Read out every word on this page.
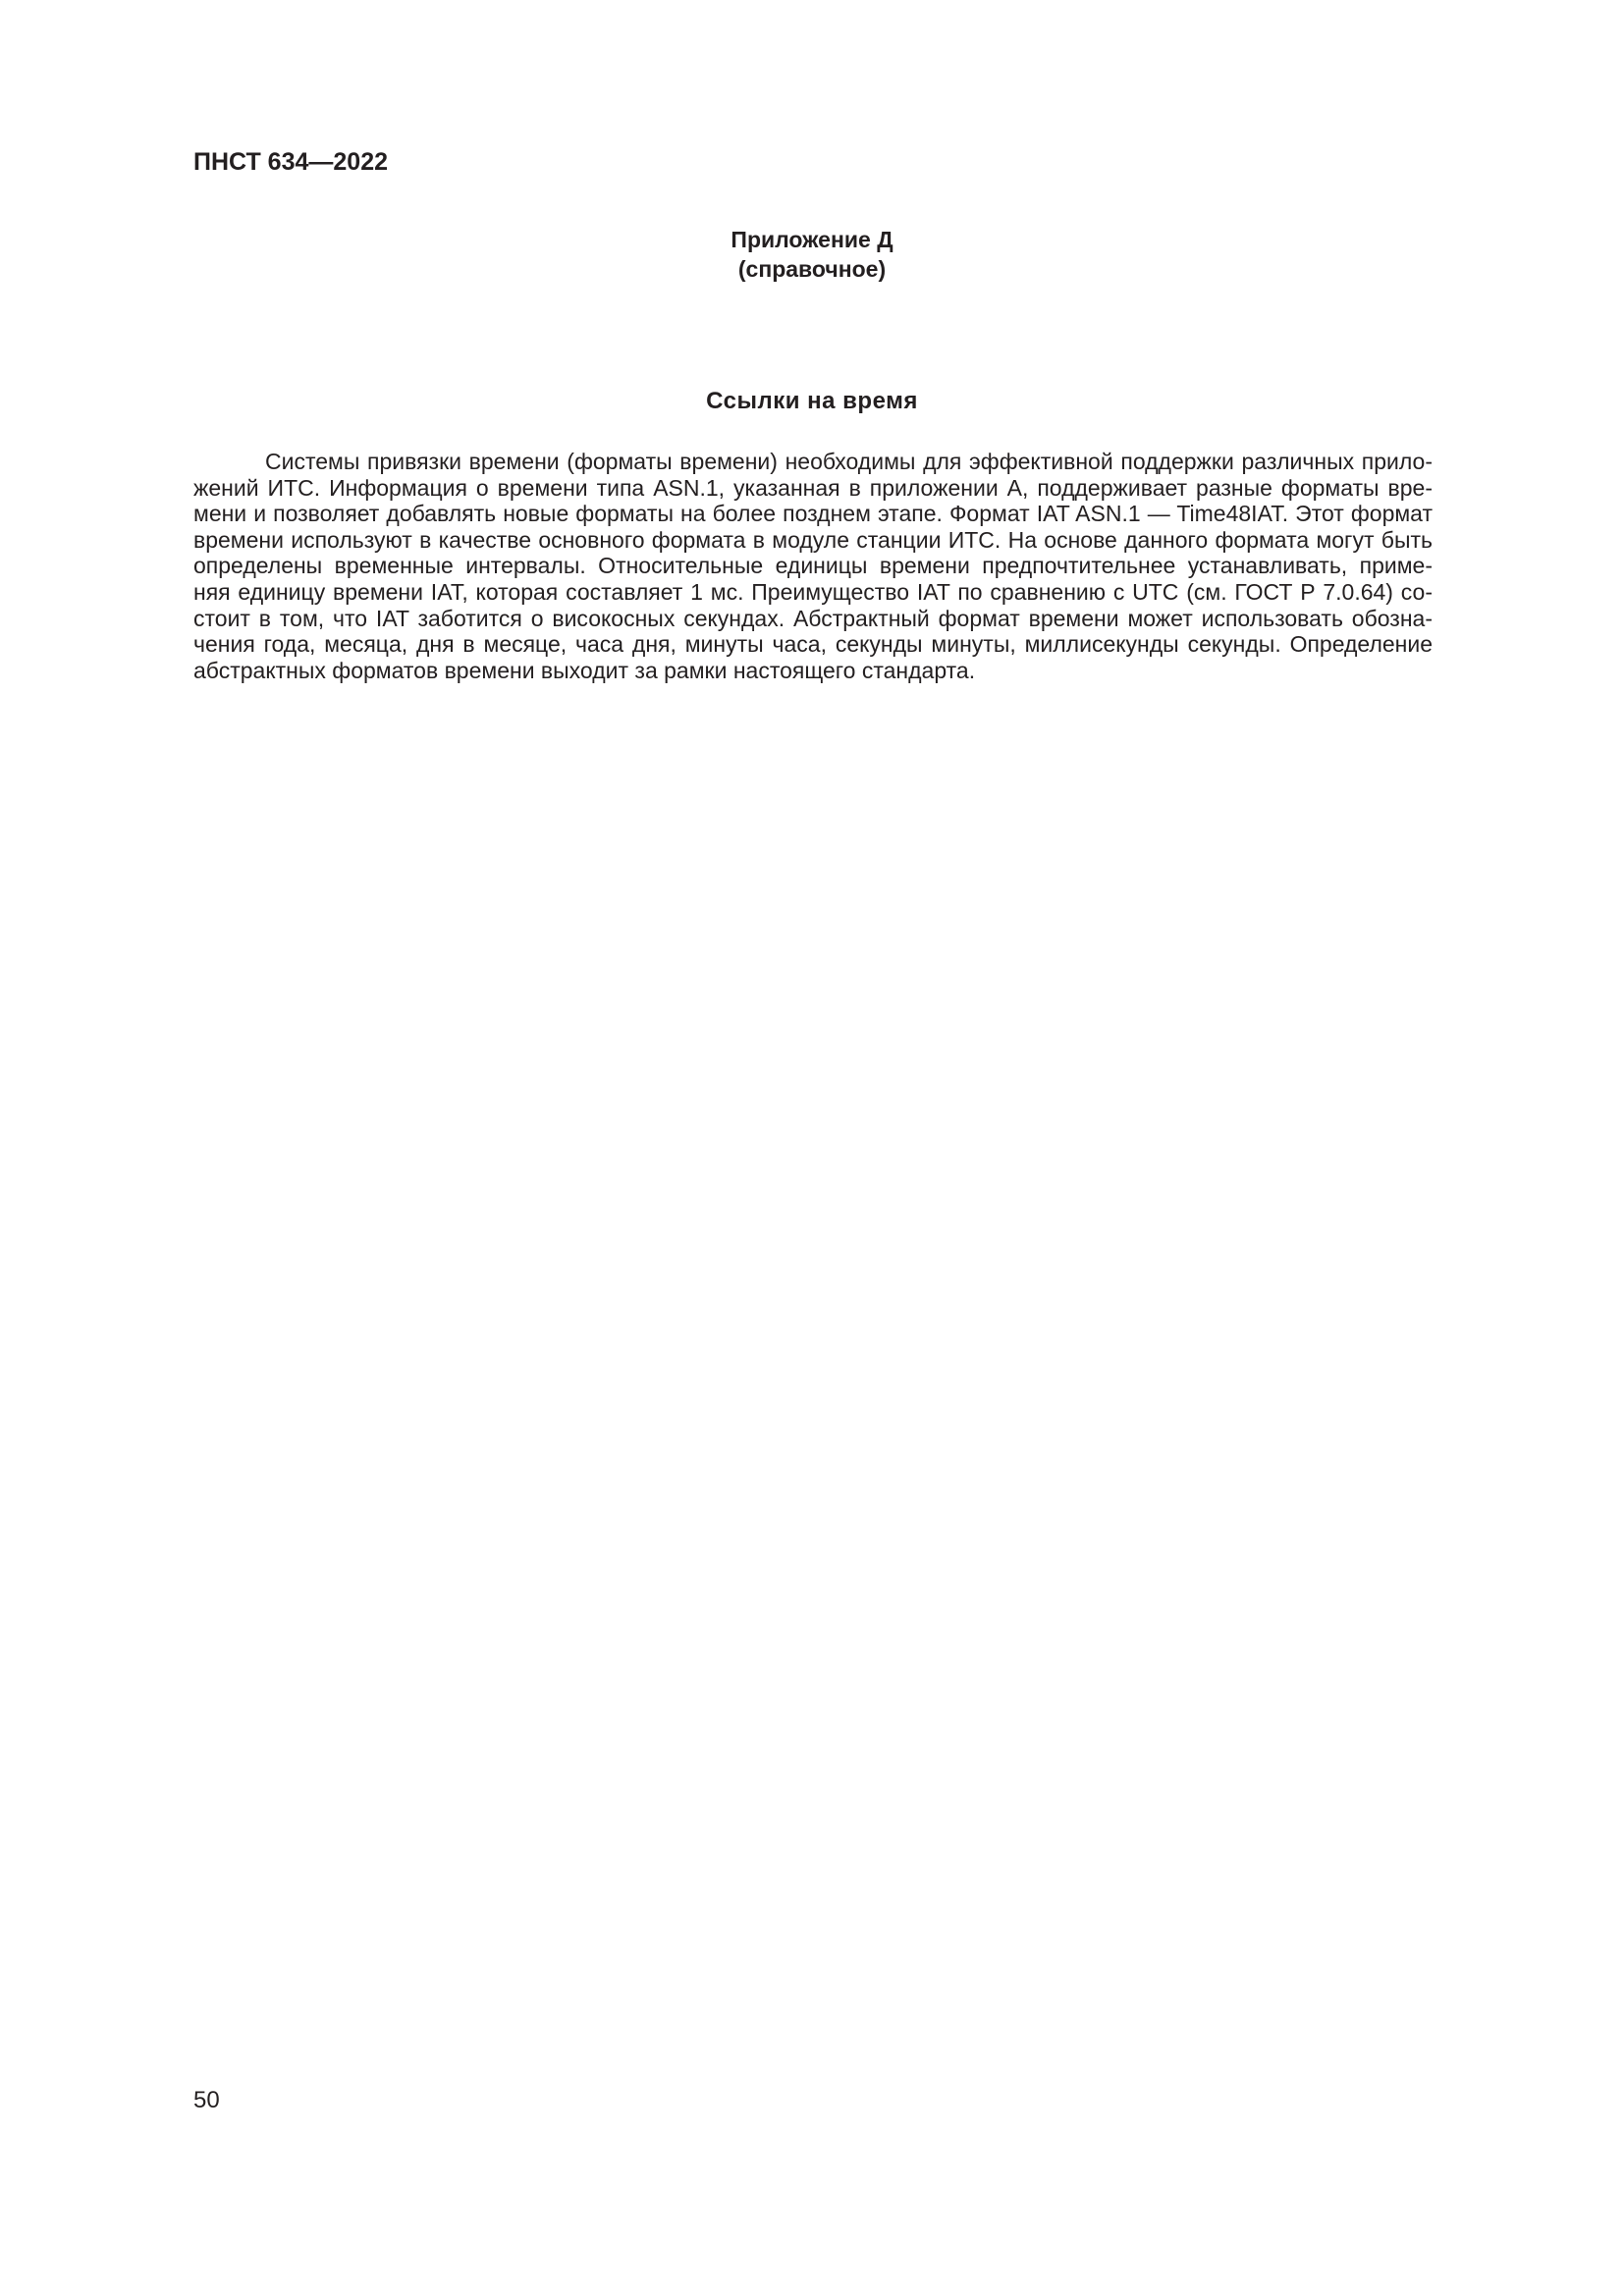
ПНСТ 634—2022
Приложение Д
(справочное)
Ссылки на время
Системы привязки времени (форматы времени) необходимы для эффективной поддержки различных прило-
жений ИТС. Информация о времени типа ASN.1, указанная в приложении А, поддерживает разные форматы вре-
мени и позволяет добавлять новые форматы на более позднем этапе. Формат IAT ASN.1 — Time48IAT. Этот формат
времени используют в качестве основного формата в модуле станции ИТС. На основе данного формата могут быть
определены временные интервалы. Относительные единицы времени предпочтительнее устанавливать, приме-
няя единицу времени IAT, которая составляет 1 мс. Преимущество IAT по сравнению с UTC (см. ГОСТ Р 7.0.64) со-
стоит в том, что IAT заботится о високосных секундах. Абстрактный формат времени может использовать обозна-
чения года, месяца, дня в месяце, часа дня, минуты часа, секунды минуты, миллисекунды секунды. Определение
абстрактных форматов времени выходит за рамки настоящего стандарта.
50
